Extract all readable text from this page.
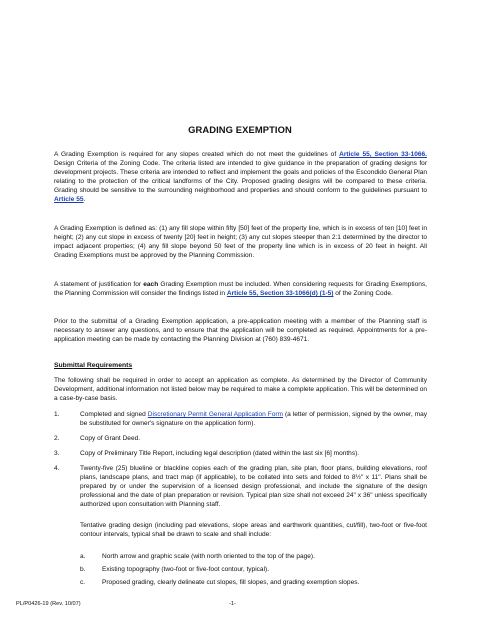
GRADING EXEMPTION
A Grading Exemption is required for any slopes created which do not meet the guidelines of Article 55, Section 33-1066. Design Criteria of the Zoning Code. The criteria listed are intended to give guidance in the preparation of grading designs for development projects. These criteria are intended to reflect and implement the goals and policies of the Escondido General Plan relating to the protection of the critical landforms of the City. Proposed grading designs will be compared to these criteria. Grading should be sensitive to the surrounding neighborhood and properties and should conform to the guidelines pursuant to Article 55.
A Grading Exemption is defined as: (1) any fill slope within fifty [50] feet of the property line, which is in excess of ten [10] feet in height; (2) any cut slope in excess of twenty [20] feet in height; (3) any cut slopes steeper than 2:1 determined by the director to impact adjacent properties; (4) any fill slope beyond 50 feet of the property line which is in excess of 20 feet in height. All Grading Exemptions must be approved by the Planning Commission.
A statement of justification for each Grading Exemption must be included. When considering requests for Grading Exemptions, the Planning Commission will consider the findings listed in Article 55, Section 33-1066(d) (1-5) of the Zoning Code.
Prior to the submittal of a Grading Exemption application, a pre-application meeting with a member of the Planning staff is necessary to answer any questions, and to ensure that the application will be completed as required. Appointments for a pre-application meeting can be made by contacting the Planning Division at (760) 839-4671.
Submittal Requirements
The following shall be required in order to accept an application as complete. As determined by the Director of Community Development, additional information not listed below may be required to make a complete application. This will be determined on a case-by-case basis.
1.	Completed and signed Discretionary Permit General Application Form (a letter of permission, signed by the owner, may be substituted for owner's signature on the application form).
2.	Copy of Grant Deed.
3.	Copy of Preliminary Title Report, including legal description (dated within the last six [6] months).
4.	Twenty-five (25) blueline or blackline copies each of the grading plan, site plan, floor plans, building elevations, roof plans, landscape plans, and tract map (if applicable), to be collated into sets and folded to 8½" x 11". Plans shall be prepared by or under the supervision of a licensed design professional, and include the signature of the design professional and the date of plan preparation or revision. Typical plan size shall not exceed 24" x 36" unless specifically authorized upon consultation with Planning staff.
Tentative grading design (including pad elevations, slope areas and earthwork quantities, cut/fill), two-foot or five-foot contour intervals, typical shall be drawn to scale and shall include:
a.	North arrow and graphic scale (with north oriented to the top of the page).
b.	Existing topography (two-foot or five-foot contour, typical).
c.	Proposed grading, clearly delineate cut slopes, fill slopes, and grading exemption slopes.
PL/P0426-19 (Rev. 10/07)	-1-
